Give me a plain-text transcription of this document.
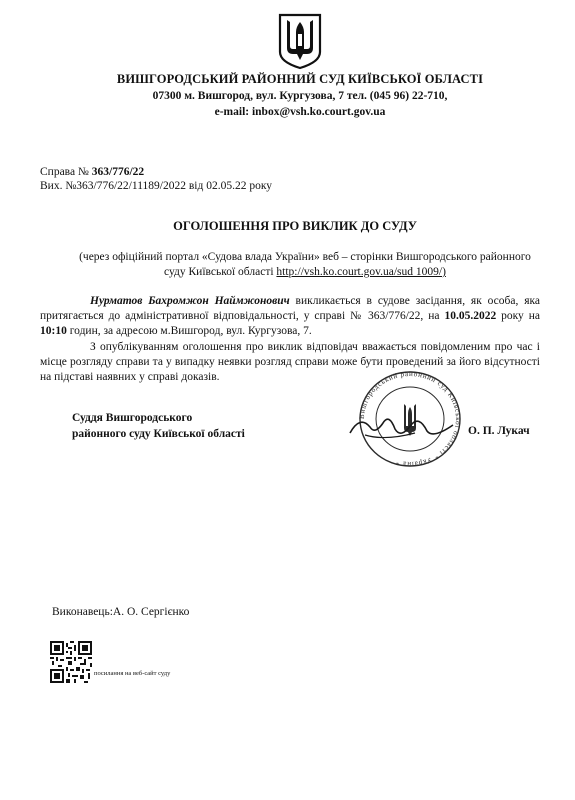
ВИШГОРОДСЬКИЙ РАЙОННИЙ СУД КИЇВСЬКОЇ ОБЛАСТІ
07300 м. Вишгород, вул. Кургузова, 7 тел. (045 96) 22-710,
e-mail: inbox@vsh.ko.court.gov.ua
Справа № 363/776/22
Вих. №363/776/22/11189/2022 від 02.05.22 року
ОГОЛОШЕННЯ ПРО ВИКЛИК ДО СУДУ
(через офіційний портал «Судова влада України» веб – сторінки Вишгородського районного суду Київської області http://vsh.ko.court.gov.ua/sud 1009/)
Нурматов Бахромжон Наймжонович викликається в судове засідання, як особа, яка притягається до адміністративної відповідальності, у справі № 363/776/22, на 10.05.2022 року на 10:10 годин, за адресою м.Вишгород, вул. Кургузова, 7.
З опублікуванням оголошення про виклик відповідач вважається повідомленим про час і місце розгляду справи та у випадку неявки розгляд справи може бути проведений за його відсутності на підставі наявних у справі доказів.
Суддя Вишгородського
районного суду Київської області
Вишгородський районний суд Київської області * Україна *
О. П. Лукач
Виконавець:А. О. Сергієнко
посилання на веб-сайт суду
